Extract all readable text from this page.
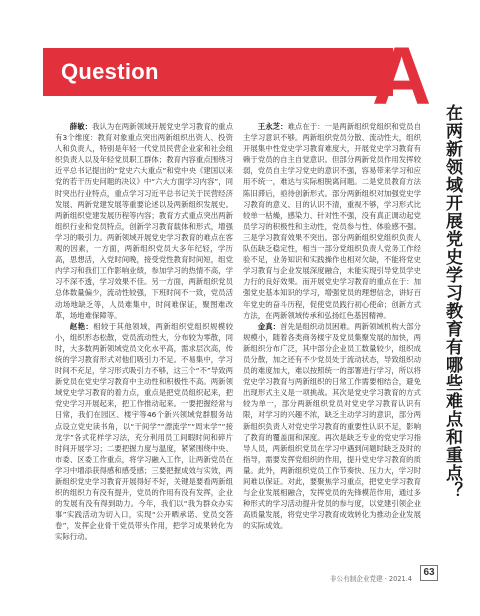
Question	A
在两新领域开展党史学习教育有哪些难点和重点？

薛敏：我认为在两新领域开展党史学习教育的重点有3个维度：教育对象重点突出两新组织出资人、投资人和负责人，特别是年轻一代党员民营企业家和社会组织负责人以及年轻党员职工群体；教育内容重点围绕习近平总书记提出的“党史六大重点”和党中央《建国以来党的若干历史问题的决议》中“六大方面学习内容”，同时突出行业特点，重点学习习近平总书记关于民营经济发展、两新党建发展等重要论述以及两新组织发展史。两新组织党建发展历程等内容；教育方式重点突出两新组织行业和党员特点，创新学习教育载体和形式，增强学习的吸引力。两新领域开展党史学习教育的难点在客观的因素，一方面，两新组织党员大多年纪轻，学历高，思想活，入党时间晚，接受党性教育时间短，组党内学习和我们工作影响业绩，参加学习的热情不高，学习不深不透，学习效果不佳。另一方面，两新组织党员总体数量偏少，流动性较强，下班时间不一致，党员活动场地缺乏等，人员难集中，时间难保证，聚图难改革，场地难保障等。

赵艳：相较于其他领域，两新组织党组织规模较小，组织形态松散，党员流动性大，分布较为零散，同时，大多数两新领域党员文化水平高，需求层次高，传统的学习教育形式对他们吸引力不足。不易集中，学习时间不充足，学习形式吸引力不够，这三个“不”导致两新党员在党史学习教育中主动性和积极性不高。两新领域党史学习教育的着力点，重点是把党员组织起来，把党史学习开展起来，把工作推动起来。一要把握经常与日常，我们在园区、楼宇等46个新兴领域党群服务站点设立党史读书角，以“干间学”“漂流学”“周末学”“接龙学”各式花样学习法，充分利用员工间暇时间和碎片时间开展学习；二要把握力度与温度，紧紧围绕中央、市委、区委工作重点，将学习融入工作，让两新党员在学习中增添获得感和感受感；三要把握成效与实效，两新组织党史学习教育开展得好不好，关键是要看两新组织的组织力有没有提升，党员的作用有没有发挥，企业的发展有没有得到助力。今年，我们以“我为群众办实事”实践活动为切入口，实现“公开晒承诺、党员交答卷”，发挥企业骨干党员带头作用，把学习成果转化为实际行动。

王永芝：难点在于：一是两新组织党组织和党员自主学习意识不够。两新组织党员分散、流动性大，组织开展集中性党史学习教育难度大，开展党史学习教育有赖于党员的自主自觉意识。但部分两新党员作用发挥较弱，党员自主学习党史的意识不强，容易带来学习和应用不统一，难达与实际相脱离问题。二是党员教育方法陈旧滞后，亟待创新形式。部分两新组织对加强党史学习教育的意义、目的认识不清，重视不够，学习形式比较单一枯燥，感染力、针对性不强，没有真正调动起党员学习的积极性和主动性，党员参与性、体验感不强。三是学习教育效果不突出。部分两新组织党组织负责人队伍缺乏稳定性，相当一部分党组织负责人党务工作经验不足，业务知识和实践操作也相对欠缺，不能将党史学习教育与企业发展深度融合，未能实现引导党员学史力行的良好效果。而开展党史学习教育的重点在于：加强党史基本知识的学习，增强党员的理想信念，讲好百年党史的奋斗历程，促使党员践行初心使命；创新方式方法，在两新领域传承和弘扬红色基因精神。

金真：首先是组织动员困难。两新领域机构大部分规模小，随着各类商务楼宇及党员集聚发展的加快，两新组织分布广泛，其中部分企业员工数量较少，组织成员分散，加之还有不少党员处于流动状态，导致组织动员的难度加大，难以按照统一的部署进行学习，所以将党史学习教育与两新组织的日常工作需要相结合，避免出现形式主义是一项挑战。其次是党史学习教育的方式较为单一，部分两新组织党员对党史学习教育认识有限，对学习的兴趣不浓，缺乏主动学习的意识，部分两新组织负责人对党史学习教育的重要性认识不足，影响了教育的覆盖面和深度。再次是缺乏专业的党史学习指导人员，两新组织党员在学习中遇到问题时缺乏及时的指导，需要发挥党组织的作用，提升党史学习教育的质量。此外，两新组织党员工作节奏快、压力大，学习时间难以保证。对此，要聚焦学习重点，把党史学习教育与企业发展相融合，发挥党员的先锋模范作用，通过多种形式的学习活动提升党员的参与度，以党建引领企业高质量发展，将党史学习教育成效转化为推动企业发展的实际成效。

非公有制企业党建 · 2021.4
63
